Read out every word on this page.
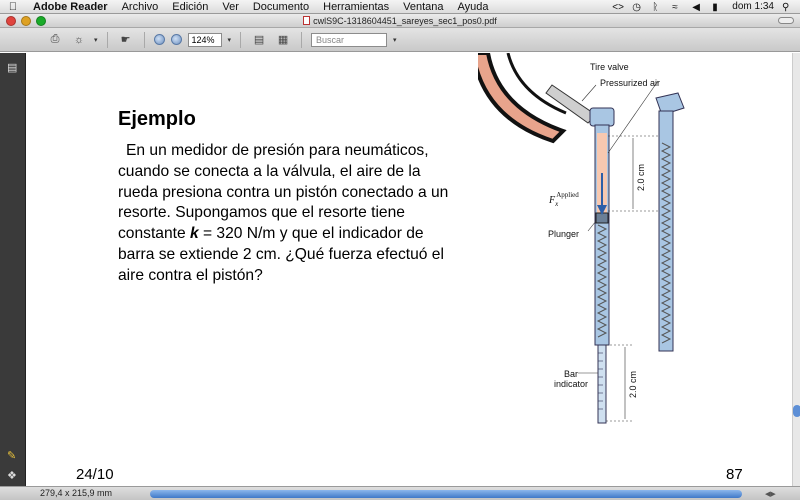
Adobe Reader	Archivo	Edición	Ver	Documento	Herramientas	Ventana	Ayuda	<> ◷	ᚱ	≈	◀	▮	dom 1:34 ⚲
cwlS9C-1318604451_sareyes_sec1_pos0.pdf
⎙	☼	▾	☛	124%	▾	▤	▦	Buscar	▾
▤
✎
❖
Ejemplo
En un medidor de presión para neumáticos, cuando se conecta a la válvula, el aire de la rueda presiona contra un pistón conectado a un resorte. Supongamos que el resorte tiene constante k = 320 N/m y que el indicador de barra se extiende 2 cm. ¿Qué fuerza efectuó el aire contra el pistón?
Tire valve
Pressurized air
2.0 cm
$F_xApplied$
Plunger
Bar
indicator	2.0 cm
24/10	87
279,4 x 215,9 mm	◀▶
